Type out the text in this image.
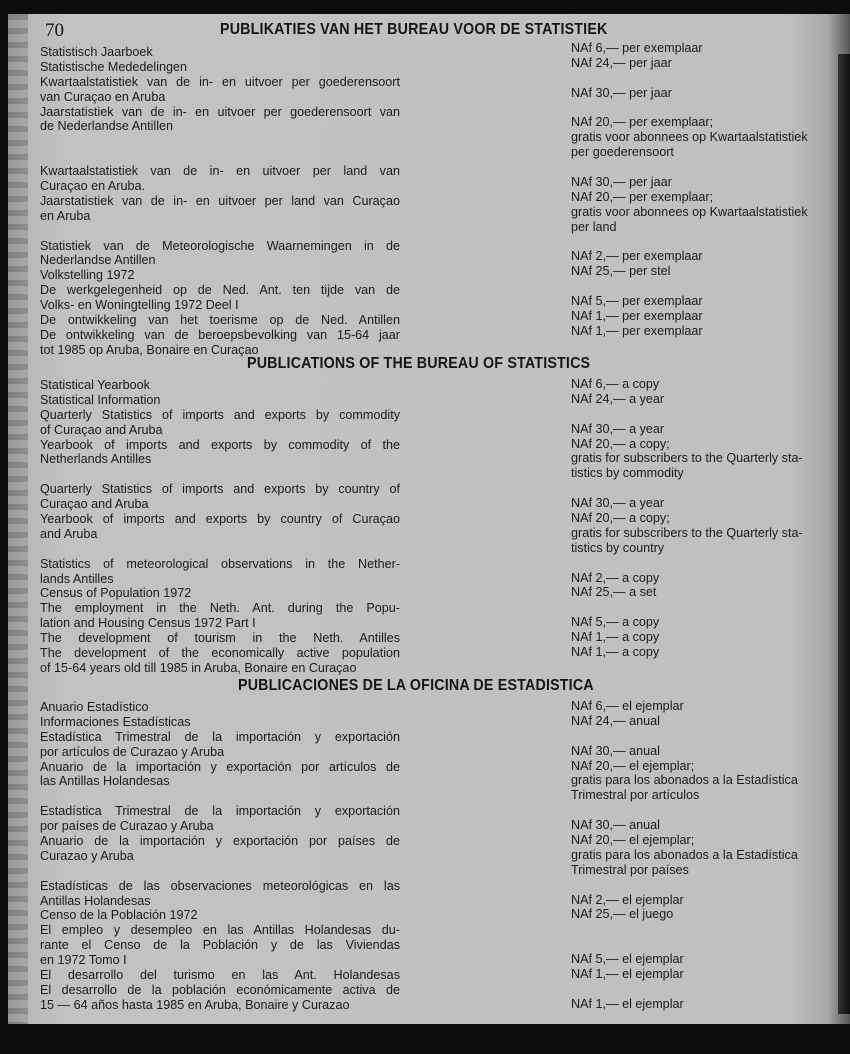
70	PUBLIKATIES VAN HET BUREAU VOOR DE STATISTIEK
Statistisch Jaarboek
Statistische Mededelingen
Kwartaalstatistiek van de in- en uitvoer per goederensoort
van Curaçao en Aruba
Jaarstatistiek van de in- en uitvoer per goederensoort van
de Nederlandse Antillen
Kwartaalstatistiek van de in- en uitvoer per land van
Curaçao en Aruba.
Jaarstatistiek van de in- en uitvoer per land van Curaçao
en Aruba
Statistiek van de Meteorologische Waarnemingen in de
Nederlandse Antillen
Volkstelling 1972
De werkgelegenheid op de Ned. Ant. ten tijde van de
Volks- en Woningtelling 1972 Deel I
De ontwikkeling van het toerisme op de Ned. Antillen
De ontwikkeling van de beroepsbevolking van 15-64 jaar
tot 1985 op Aruba, Bonaire en Curaçao
NAf 6,— per exemplaar
NAf 24,— per jaar
NAf 30,— per jaar
NAf 20,— per exemplaar;
gratis voor abonnees op Kwartaalstatistiek
per goederensoort
NAf 30,— per jaar
NAf 20,— per exemplaar;
gratis voor abonnees op Kwartaalstatistiek
per land
NAf 2,— per exemplaar
NAf 25,— per stel
NAf 5,— per exemplaar
NAf 1,— per exemplaar
NAf 1,— per exemplaar
PUBLICATIONS OF THE BUREAU OF STATISTICS
Statistical Yearbook
Statistical Information
Quarterly Statistics of imports and exports by commodity
of Curaçao and Aruba
Yearbook of imports and exports by commodity of the
Netherlands Antilles
Quarterly Statistics of imports and exports by country of
Curaçao and Aruba
Yearbook of imports and exports by country of Curaçao
and Aruba
Statistics of meteorological observations in the Nether-
lands Antilles
Census of Population 1972
The employment in the Neth. Ant. during the Popu-
lation and Housing Census 1972 Part I
The development of tourism in the Neth. Antilles
The development of the economically active population
of 15-64 years old till 1985 in Aruba, Bonaire en Curaçao
NAf 6,— a copy
NAf 24,— a year
NAf 30,— a year
NAf 20,— a copy;
gratis for subscribers to the Quarterly sta-
tistics by commodity
NAf 30,— a year
NAf 20,— a copy;
gratis for subscribers to the Quarterly sta-
tistics by country
NAf 2,— a copy
NAf 25,— a set
NAf 5,— a copy
NAf 1,— a copy
NAf 1,— a copy
PUBLICACIONES DE LA OFICINA DE ESTADISTICA
Anuario Estadístico
Informaciones Estadísticas
Estadística Trimestral de la importación y exportación
por artículos de Curazao y Aruba
Anuario de la importación y exportación por artículos de
las Antillas Holandesas
Estadística Trimestral de la importación y exportación
por países de Curazao y Aruba
Anuario de la importación y exportación por países de
Curazao y Aruba
Estadísticas de las observaciones meteorológicas en las
Antillas Holandesas
Censo de la Población 1972
El empleo y desempleo en las Antillas Holandesas du-
rante el Censo de la Población y de las Viviendas
en 1972 Tomo I
El desarrollo del turismo en las Ant. Holandesas
El desarrollo de la población económicamente activa de
15 — 64 años hasta 1985 en Aruba, Bonaire y Curazao
NAf 6,— el ejemplar
NAf 24,— anual
NAf 30,— anual
NAf 20,— el ejemplar;
gratis para los abonados a la Estadística
Trimestral por artículos
NAf 30,— anual
NAf 20,— el ejemplar;
gratis para los abonados a la Estadística
Trimestral por países
NAf 2,— el ejemplar
NAf 25,— el juego
NAf 5,— el ejemplar
NAf 1,— el ejemplar
NAf 1,— el ejemplar
